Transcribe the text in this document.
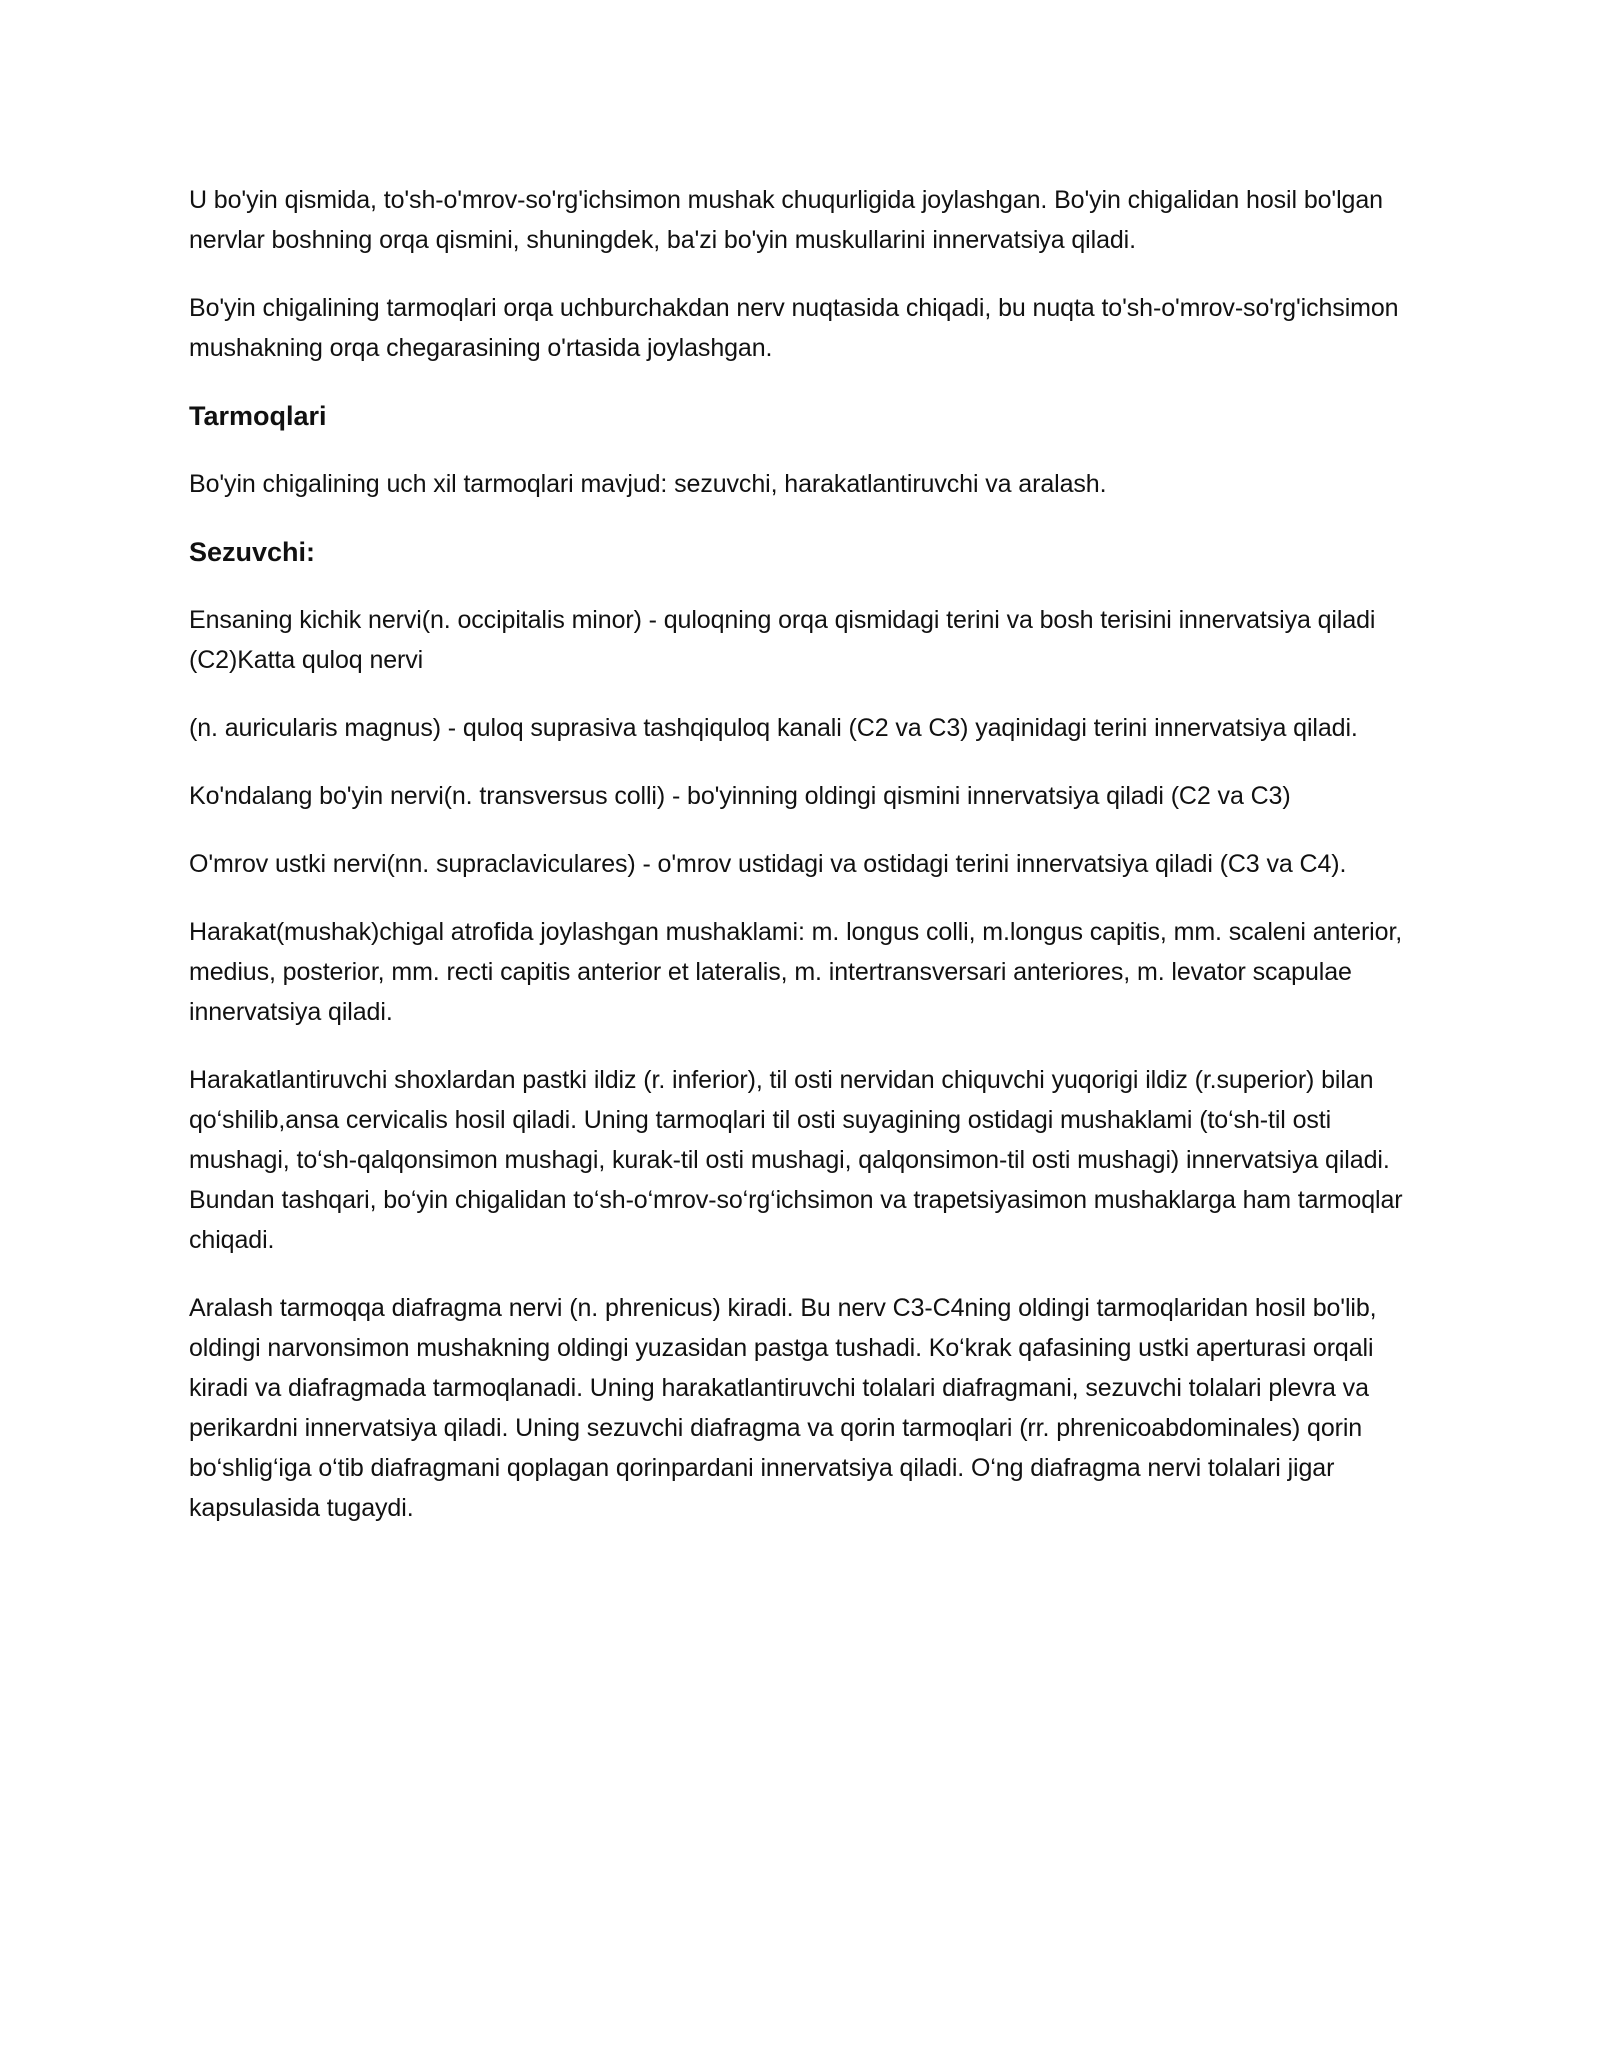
U bo'yin qismida, to'sh-o'mrov-so'rg'ichsimon mushak chuqurligida joylashgan. Bo'yin chigalidan hosil bo'lgan nervlar boshning orqa qismini, shuningdek, ba'zi bo'yin muskullarini innervatsiya qiladi.

Bo'yin chigalining tarmoqlari orqa uchburchakdan nerv nuqtasida chiqadi, bu nuqta to'sh-o'mrov-so'rg'ichsimon mushakning orqa chegarasining o'rtasida joylashgan.

Tarmoqlari

Bo'yin chigalining uch xil tarmoqlari mavjud: sezuvchi, harakatlantiruvchi va aralash.

Sezuvchi:

Ensaning kichik nervi(n. occipitalis minor) - quloqning orqa qismidagi terini va bosh terisini innervatsiya qiladi (C2)Katta quloq nervi

(n. auricularis magnus) - quloq suprasiva tashqiquloq kanali (C2 va C3) yaqinidagi terini innervatsiya qiladi.

Ko'ndalang bo'yin nervi(n. transversus colli) - bo'yinning oldingi qismini innervatsiya qiladi (C2 va C3)

O'mrov ustki nervi(nn. supraclaviculares) - o'mrov ustidagi va ostidagi terini innervatsiya qiladi (C3 va C4).

Harakat(mushak)chigal atrofida joylashgan mushaklami: m. longus colli, m.longus capitis, mm. scaleni anterior, medius, posterior, mm. recti capitis anterior et lateralis, m. intertransversari anteriores, m. levator scapulae innervatsiya qiladi.

Harakatlantiruvchi shoxlardan pastki ildiz (r. inferior), til osti nervidan chiquvchi yuqorigi ildiz (r.superior) bilan qo‘shilib,ansa cervicalis hosil qiladi. Uning tarmoqlari til osti suyagining ostidagi mushaklami (to‘sh-til osti mushagi, to‘sh-qalqonsimon mushagi, kurak-til osti mushagi, qalqonsimon-til osti mushagi) innervatsiya qiladi. Bundan tashqari, bo‘yin chigalidan to‘sh-o‘mrov-so‘rg‘ichsimon va trapetsiyasimon mushaklarga ham tarmoqlar chiqadi.

Aralash tarmoqqa diafragma nervi (n. phrenicus) kiradi. Bu nerv C3-C4ning oldingi tarmoqlaridan hosil bo'lib, oldingi narvonsimon mushakning oldingi yuzasidan pastga tushadi. Ko‘krak qafasining ustki aperturasi orqali kiradi va diafragmada tarmoqlanadi. Uning harakatlantiruvchi tolalari diafragmani, sezuvchi tolalari plevra va perikardni innervatsiya qiladi. Uning sezuvchi diafragma va qorin tarmoqlari (rr. phrenicoabdominales) qorin bo‘shlig‘iga o‘tib diafragmani qoplagan qorinpardani innervatsiya qiladi. O‘ng diafragma nervi tolalari jigar kapsulasida tugaydi.
